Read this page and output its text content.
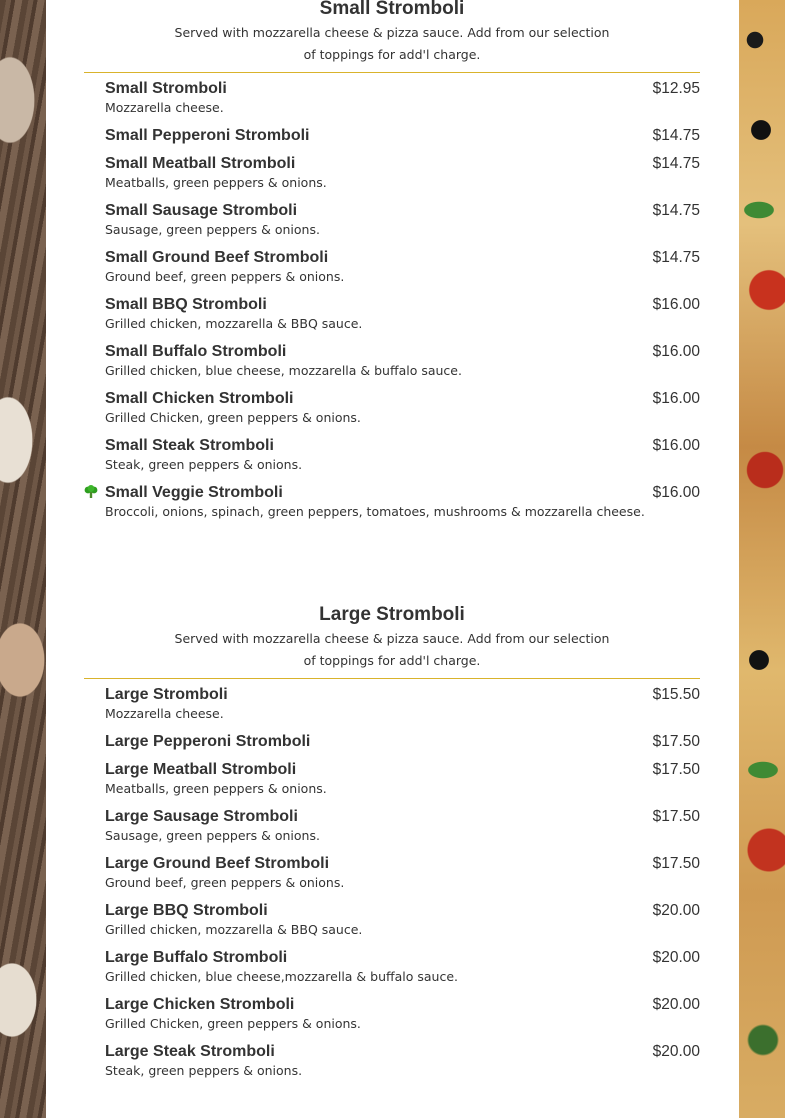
Small Stromboli
Served with mozzarella cheese & pizza sauce. Add from our selection of toppings for add'l charge.
Small Stromboli	$12.95
Mozzarella cheese.
Small Pepperoni Stromboli	$14.75
Small Meatball Stromboli	$14.75
Meatballs, green peppers & onions.
Small Sausage Stromboli	$14.75
Sausage, green peppers & onions.
Small Ground Beef Stromboli	$14.75
Ground beef, green peppers & onions.
Small BBQ Stromboli	$16.00
Grilled chicken, mozzarella & BBQ sauce.
Small Buffalo Stromboli	$16.00
Grilled chicken, blue cheese, mozzarella & buffalo sauce.
Small Chicken Stromboli	$16.00
Grilled Chicken, green peppers & onions.
Small Steak Stromboli	$16.00
Steak, green peppers & onions.
Small Veggie Stromboli	$16.00
Broccoli, onions, spinach, green peppers, tomatoes, mushrooms & mozzarella cheese.
Large Stromboli
Served with mozzarella cheese & pizza sauce. Add from our selection of toppings for add'l charge.
Large Stromboli	$15.50
Mozzarella cheese.
Large Pepperoni Stromboli	$17.50
Large Meatball Stromboli	$17.50
Meatballs, green peppers & onions.
Large Sausage Stromboli	$17.50
Sausage, green peppers & onions.
Large Ground Beef Stromboli	$17.50
Ground beef, green peppers & onions.
Large BBQ Stromboli	$20.00
Grilled chicken, mozzarella & BBQ sauce.
Large Buffalo Stromboli	$20.00
Grilled chicken, blue cheese,mozzarella & buffalo sauce.
Large Chicken Stromboli	$20.00
Grilled Chicken, green peppers & onions.
Large Steak Stromboli	$20.00
Steak, green peppers & onions.
